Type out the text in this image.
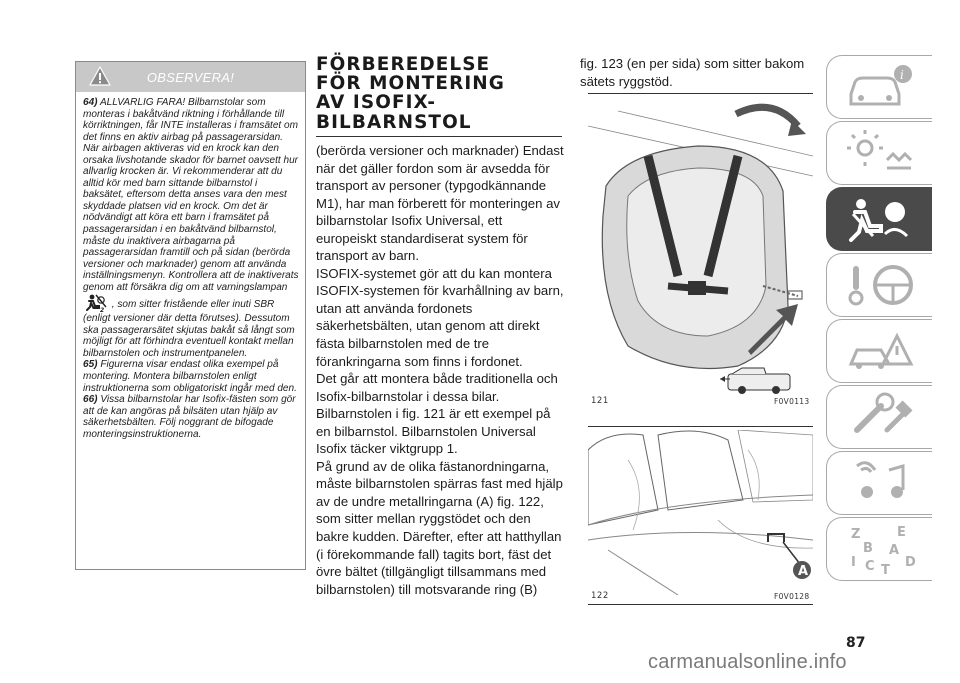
OBSERVERA!

64) ALLVARLIG FARA! Bilbarnstolar som monteras i bakåtvänd riktning i förhållande till körriktningen, får INTE installeras i framsätet om det finns en aktiv airbag på passagerarsidan. När airbagen aktiveras vid en krock kan den orsaka livshotande skador för barnet oavsett hur allvarlig krocken är. Vi rekommenderar att du alltid kör med barn sittande bilbarnstol i baksätet, eftersom detta anses vara den mest skyddade platsen vid en krock. Om det är nödvändigt att köra ett barn i framsätet på passagerarsidan i en bakåtvänd bilbarnstol, måste du inaktivera airbagarna på passagerarsidan framtill och på sidan (berörda versioner och marknader) genom att använda inställningsmenyn. Kontrollera att de inaktiverats genom att försäkra dig om att varningslampan
2
, som sitter fristående eller inuti SBR (enligt versioner där detta förutses). Dessutom ska passagerarsätet skjutas bakåt så långt som möjligt för att förhindra eventuell kontakt mellan bilbarnstolen och instrumentpanelen.

65) Figurerna visar endast olika exempel på montering. Montera bilbarnstolen enligt instruktionerna som obligatoriskt ingår med den.

66) Vissa bilbarnstolar har Isofix-fästen som gör att de kan angöras på bilsäten utan hjälp av säkerhetsbälten. Följ noggrant de bifogade monteringsinstruktionerna.

FÖRBEREDELSE
FÖR MONTERING
AV ISOFIX-
BILBARNSTOL

(berörda versioner och marknader) Endast när det gäller fordon som är avsedda för transport av personer (typgodkännande M1), har man förberett för monteringen av bilbarnstolar Isofix Universal, ett europeiskt standardiserat system för transport av barn.

ISOFIX-systemet gör att du kan montera ISOFIX-systemen för kvarhållning av barn, utan att använda fordonets säkerhetsbälten, utan genom att direkt fästa bilbarnstolen med de tre förankringarna som finns i fordonet.

Det går att montera både traditionella och Isofix-bilbarnstolar i dessa bilar.

Bilbarnstolen i fig. 121 är ett exempel på en bilbarnstol. Bilbarnstolen Universal Isofix täcker viktgrupp 1.

På grund av de olika fästanordningarna, måste bilbarnstolen spärras fast med hjälp av de undre metallringarna (A) fig. 122, som sitter mellan ryggstödet och den bakre kudden. Därefter, efter att hatthyllan (i förekommande fall) tagits bort, fäst det övre bältet (tillgängligt tillsammans med bilbarnstolen) till motsvarande ring (B)

fig. 123 (en per sida) som sitter bakom sätets ryggstöd.
121	F0V0113
A
122	F0V0128
i
Z	E
B A
I C D
T
87
carmanualsonline.info
